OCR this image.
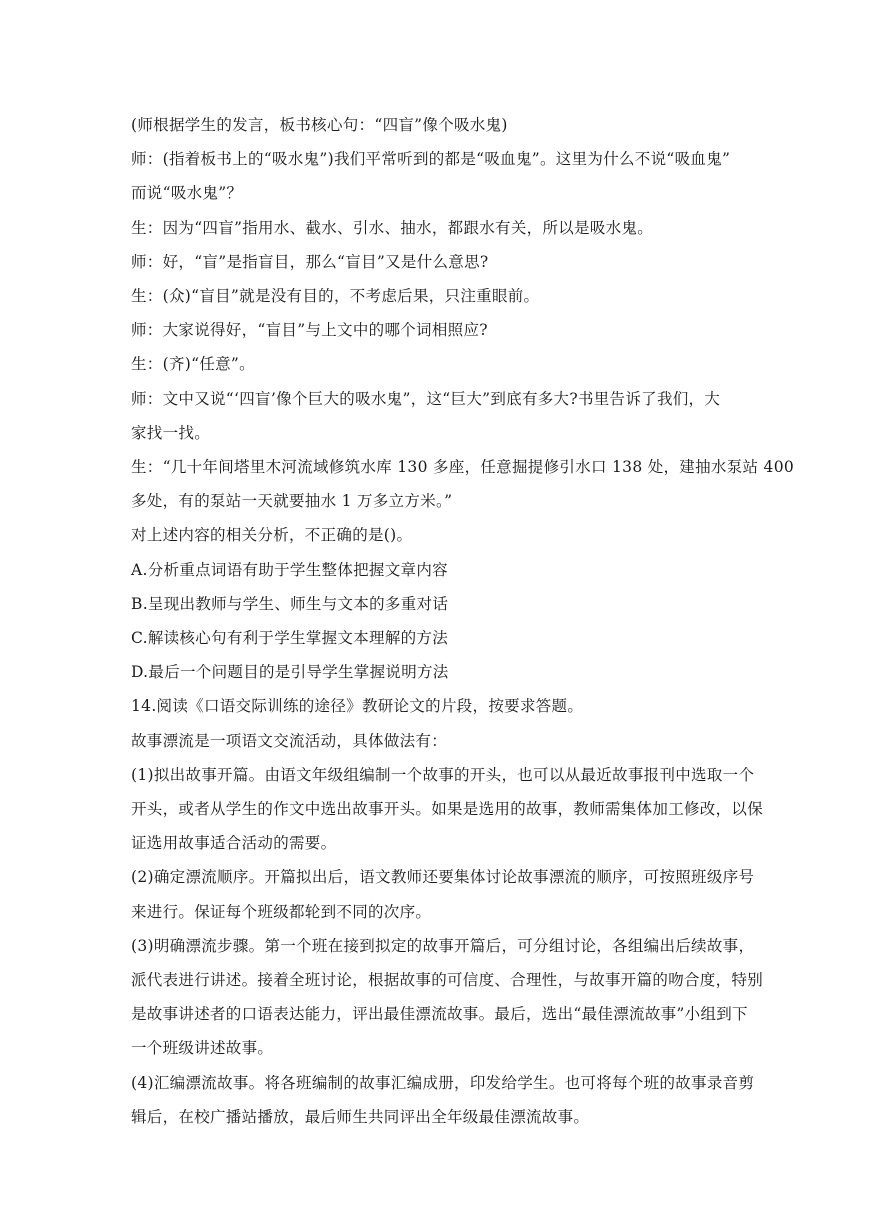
(师根据学生的发言，板书核心句：“四盲”像个吸水鬼)
师：(指着板书上的“吸水鬼”)我们平常听到的都是“吸血鬼”。这里为什么不说“吸血鬼”
而说“吸水鬼”？
生：因为“四盲”指用水、截水、引水、抽水，都跟水有关，所以是吸水鬼。
师：好，“盲”是指盲目，那么“盲目”又是什么意思?
生：(众)“盲目”就是没有目的，不考虑后果，只注重眼前。
师：大家说得好，“盲目”与上文中的哪个词相照应?
生：(齐)“任意”。
师：文中又说“‘四盲’像个巨大的吸水鬼”，这“巨大”到底有多大?书里告诉了我们，大
家找一找。
生：“几十年间塔里木河流域修筑水库 130 多座，任意掘提修引水口 138 处，建抽水泵站 400
多处，有的泵站一天就要抽水 1 万多立方米。”
对上述内容的相关分析，不正确的是()。
A.分析重点词语有助于学生整体把握文章内容
B.呈现出教师与学生、师生与文本的多重对话
C.解读核心句有利于学生掌握文本理解的方法
D.最后一个问题目的是引导学生掌握说明方法
14.阅读《口语交际训练的途径》教研论文的片段，按要求答题。
故事漂流是一项语文交流活动，具体做法有：
(1)拟出故事开篇。由语文年级组编制一个故事的开头，也可以从最近故事报刊中选取一个
开头，或者从学生的作文中选出故事开头。如果是选用的故事，教师需集体加工修改，以保
证选用故事适合活动的需要。
(2)确定漂流顺序。开篇拟出后，语文教师还要集体讨论故事漂流的顺序，可按照班级序号
来进行。保证每个班级都轮到不同的次序。
(3)明确漂流步骤。第一个班在接到拟定的故事开篇后，可分组讨论，各组编出后续故事，
派代表进行讲述。接着全班讨论，根据故事的可信度、合理性，与故事开篇的吻合度，特别
是故事讲述者的口语表达能力，评出最佳漂流故事。最后，选出“最佳漂流故事”小组到下
一个班级讲述故事。
(4)汇编漂流故事。将各班编制的故事汇编成册，印发给学生。也可将每个班的故事录音剪
辑后，在校广播站播放，最后师生共同评出全年级最佳漂流故事。
